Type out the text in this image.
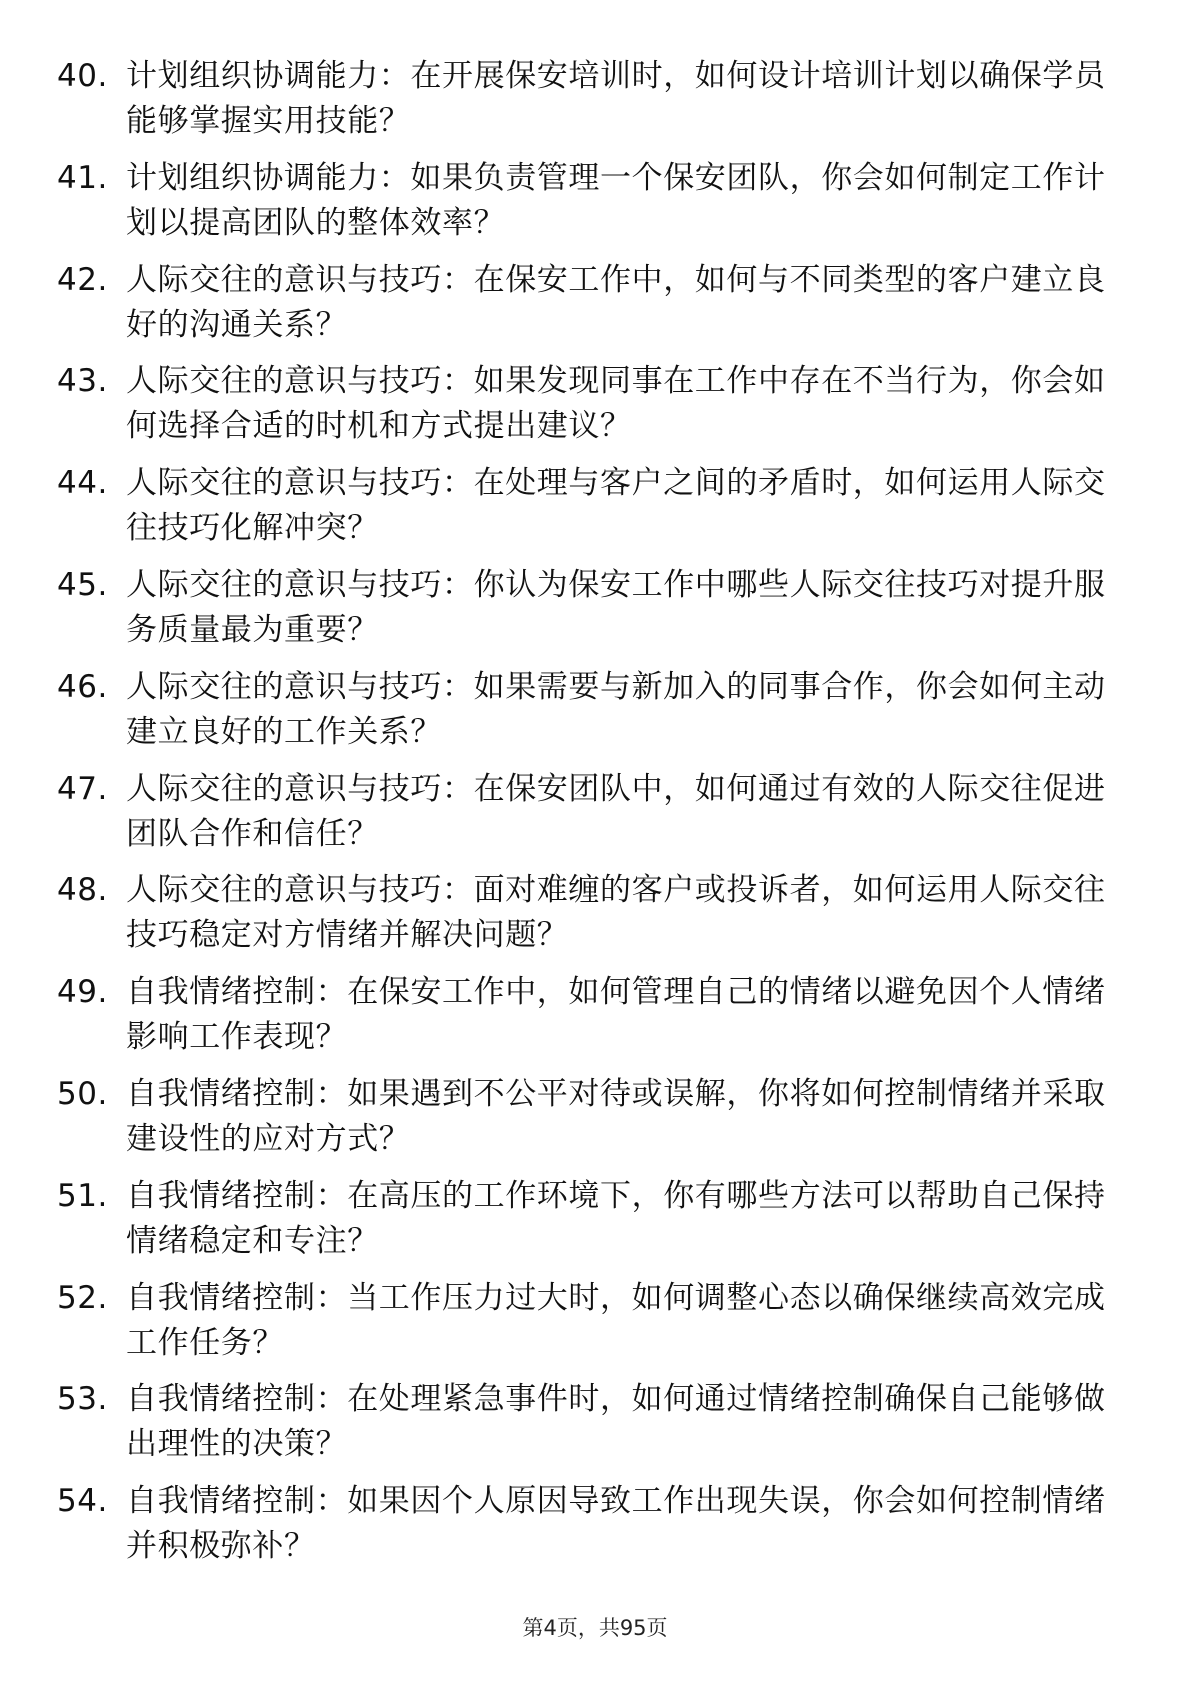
40. 计划组织协调能力：在开展保安培训时，如何设计培训计划以确保学员能够掌握实用技能？
41. 计划组织协调能力：如果负责管理一个保安团队，你会如何制定工作计划以提高团队的整体效率？
42. 人际交往的意识与技巧：在保安工作中，如何与不同类型的客户建立良好的沟通关系？
43. 人际交往的意识与技巧：如果发现同事在工作中存在不当行为，你会如何选择合适的时机和方式提出建议？
44. 人际交往的意识与技巧：在处理与客户之间的矛盾时，如何运用人际交往技巧化解冲突？
45. 人际交往的意识与技巧：你认为保安工作中哪些人际交往技巧对提升服务质量最为重要？
46. 人际交往的意识与技巧：如果需要与新加入的同事合作，你会如何主动建立良好的工作关系？
47. 人际交往的意识与技巧：在保安团队中，如何通过有效的人际交往促进团队合作和信任？
48. 人际交往的意识与技巧：面对难缠的客户或投诉者，如何运用人际交往技巧稳定对方情绪并解决问题？
49. 自我情绪控制：在保安工作中，如何管理自己的情绪以避免因个人情绪影响工作表现？
50. 自我情绪控制：如果遇到不公平对待或误解，你将如何控制情绪并采取建设性的应对方式？
51. 自我情绪控制：在高压的工作环境下，你有哪些方法可以帮助自己保持情绪稳定和专注？
52. 自我情绪控制：当工作压力过大时，如何调整心态以确保继续高效完成工作任务？
53. 自我情绪控制：在处理紧急事件时，如何通过情绪控制确保自己能够做出理性的决策？
54. 自我情绪控制：如果因个人原因导致工作出现失误，你会如何控制情绪并积极弥补？
第4页，共95页
